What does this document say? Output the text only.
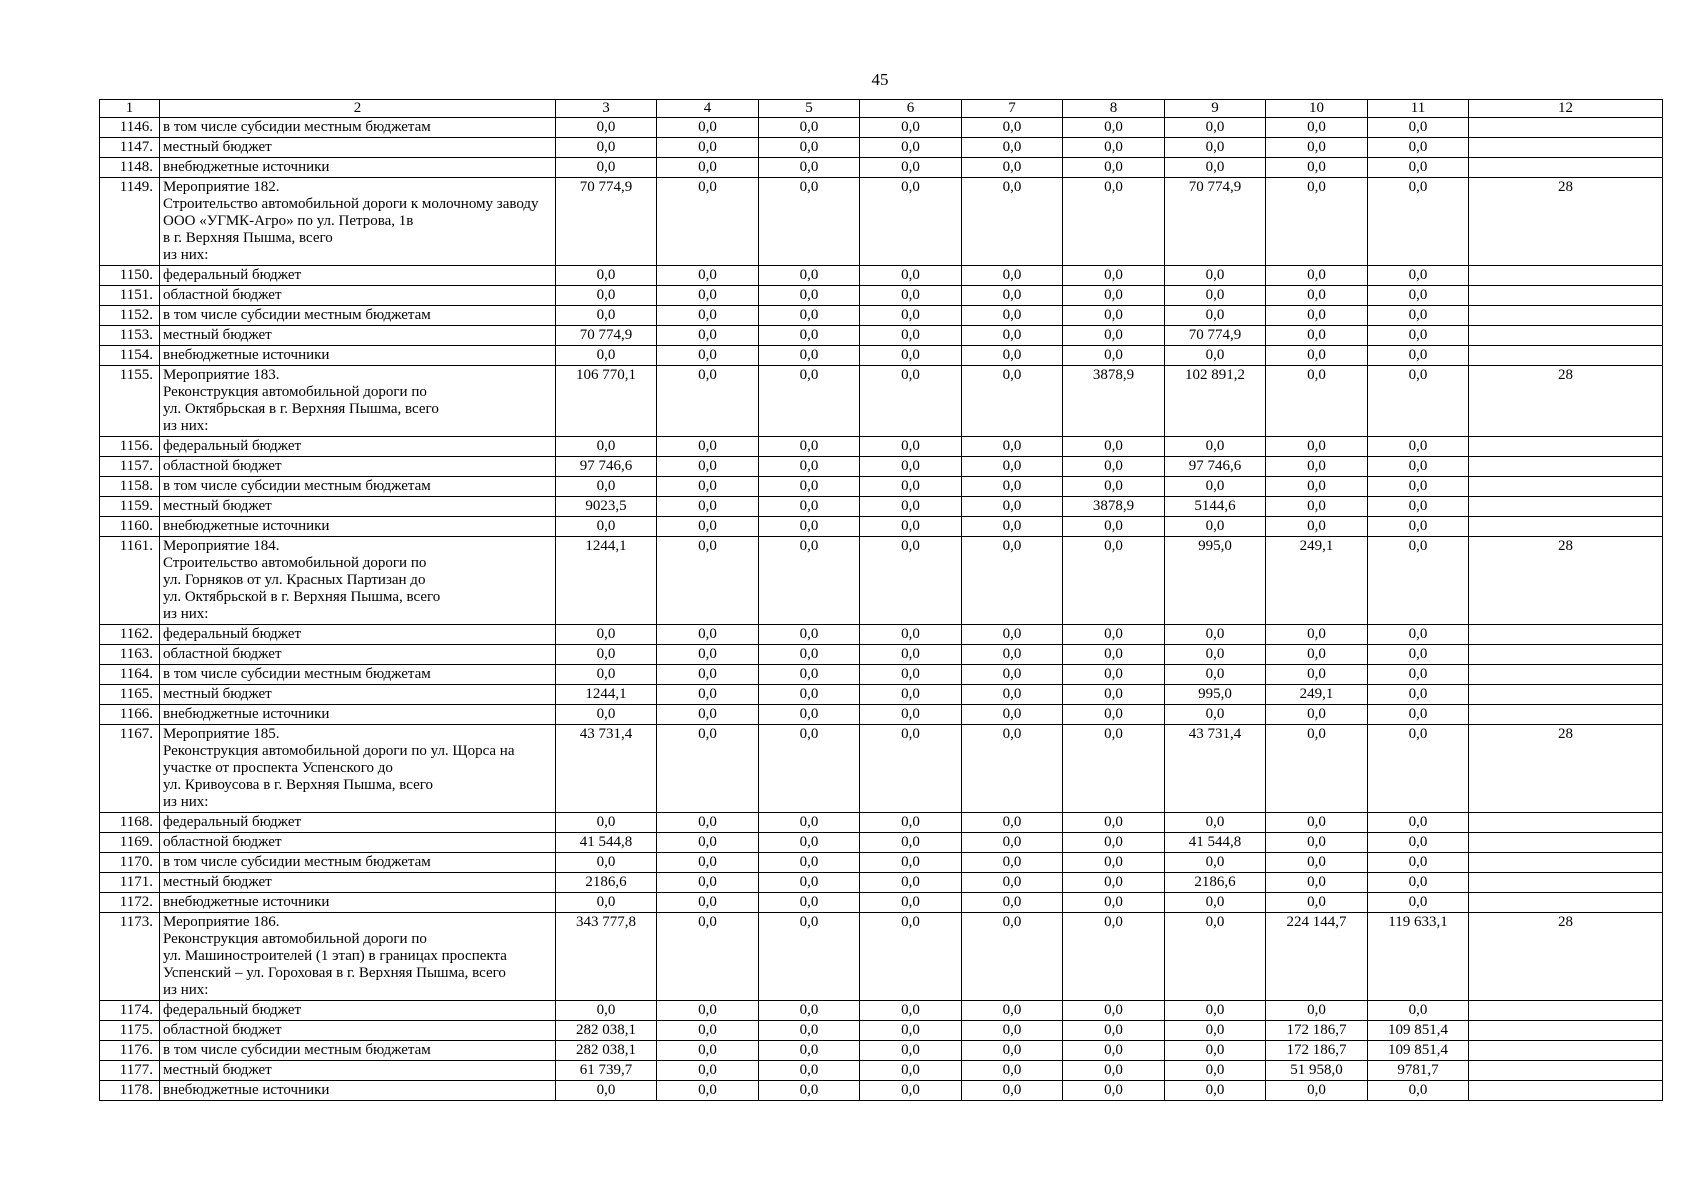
45
1	2	3	4	5	6	7	8	9	10	11	12
1146.	в том числе субсидии местным бюджетам	0,0	0,0	0,0	0,0	0,0	0,0	0,0	0,0	0,0	
1147.	местный бюджет	0,0	0,0	0,0	0,0	0,0	0,0	0,0	0,0	0,0	
1148.	внебюджетные источники	0,0	0,0	0,0	0,0	0,0	0,0	0,0	0,0	0,0	
1149.	Мероприятие 182.
Строительство автомобильной дороги к молочному заводу ООО «УГМК-Агро» по ул. Петрова, 1в
в г. Верхняя Пышма, всего
из них:	70 774,9	0,0	0,0	0,0	0,0	0,0	70 774,9	0,0	0,0	28
1150.	федеральный бюджет	0,0	0,0	0,0	0,0	0,0	0,0	0,0	0,0	0,0	
1151.	областной бюджет	0,0	0,0	0,0	0,0	0,0	0,0	0,0	0,0	0,0	
1152.	в том числе субсидии местным бюджетам	0,0	0,0	0,0	0,0	0,0	0,0	0,0	0,0	0,0	
1153.	местный бюджет	70 774,9	0,0	0,0	0,0	0,0	0,0	70 774,9	0,0	0,0	
1154.	внебюджетные источники	0,0	0,0	0,0	0,0	0,0	0,0	0,0	0,0	0,0	
1155.	Мероприятие 183.
Реконструкция автомобильной дороги по
ул. Октябрьская в г. Верхняя Пышма, всего
из них:	106 770,1	0,0	0,0	0,0	0,0	3878,9	102 891,2	0,0	0,0	28
1156.	федеральный бюджет	0,0	0,0	0,0	0,0	0,0	0,0	0,0	0,0	0,0	
1157.	областной бюджет	97 746,6	0,0	0,0	0,0	0,0	0,0	97 746,6	0,0	0,0	
1158.	в том числе субсидии местным бюджетам	0,0	0,0	0,0	0,0	0,0	0,0	0,0	0,0	0,0	
1159.	местный бюджет	9023,5	0,0	0,0	0,0	0,0	3878,9	5144,6	0,0	0,0	
1160.	внебюджетные источники	0,0	0,0	0,0	0,0	0,0	0,0	0,0	0,0	0,0	
1161.	Мероприятие 184.
Строительство автомобильной дороги по
ул. Горняков от ул. Красных Партизан до
ул. Октябрьской в г. Верхняя Пышма, всего
из них:	1244,1	0,0	0,0	0,0	0,0	0,0	995,0	249,1	0,0	28
1162.	федеральный бюджет	0,0	0,0	0,0	0,0	0,0	0,0	0,0	0,0	0,0	
1163.	областной бюджет	0,0	0,0	0,0	0,0	0,0	0,0	0,0	0,0	0,0	
1164.	в том числе субсидии местным бюджетам	0,0	0,0	0,0	0,0	0,0	0,0	0,0	0,0	0,0	
1165.	местный бюджет	1244,1	0,0	0,0	0,0	0,0	0,0	995,0	249,1	0,0	
1166.	внебюджетные источники	0,0	0,0	0,0	0,0	0,0	0,0	0,0	0,0	0,0	
1167.	Мероприятие 185.
Реконструкция автомобильной дороги по ул. Щорса на участке от проспекта Успенского до
ул. Кривоусова в г. Верхняя Пышма, всего
из них:	43 731,4	0,0	0,0	0,0	0,0	0,0	43 731,4	0,0	0,0	28
1168.	федеральный бюджет	0,0	0,0	0,0	0,0	0,0	0,0	0,0	0,0	0,0	
1169.	областной бюджет	41 544,8	0,0	0,0	0,0	0,0	0,0	41 544,8	0,0	0,0	
1170.	в том числе субсидии местным бюджетам	0,0	0,0	0,0	0,0	0,0	0,0	0,0	0,0	0,0	
1171.	местный бюджет	2186,6	0,0	0,0	0,0	0,0	0,0	2186,6	0,0	0,0	
1172.	внебюджетные источники	0,0	0,0	0,0	0,0	0,0	0,0	0,0	0,0	0,0	
1173.	Мероприятие 186.
Реконструкция автомобильной дороги по
ул. Машиностроителей (1 этап) в границах проспекта Успенский – ул. Гороховая в г. Верхняя Пышма, всего
из них:	343 777,8	0,0	0,0	0,0	0,0	0,0	0,0	224 144,7	119 633,1	28
1174.	федеральный бюджет	0,0	0,0	0,0	0,0	0,0	0,0	0,0	0,0	0,0	
1175.	областной бюджет	282 038,1	0,0	0,0	0,0	0,0	0,0	0,0	172 186,7	109 851,4	
1176.	в том числе субсидии местным бюджетам	282 038,1	0,0	0,0	0,0	0,0	0,0	0,0	172 186,7	109 851,4	
1177.	местный бюджет	61 739,7	0,0	0,0	0,0	0,0	0,0	0,0	51 958,0	9781,7	
1178.	внебюджетные источники	0,0	0,0	0,0	0,0	0,0	0,0	0,0	0,0	0,0	
